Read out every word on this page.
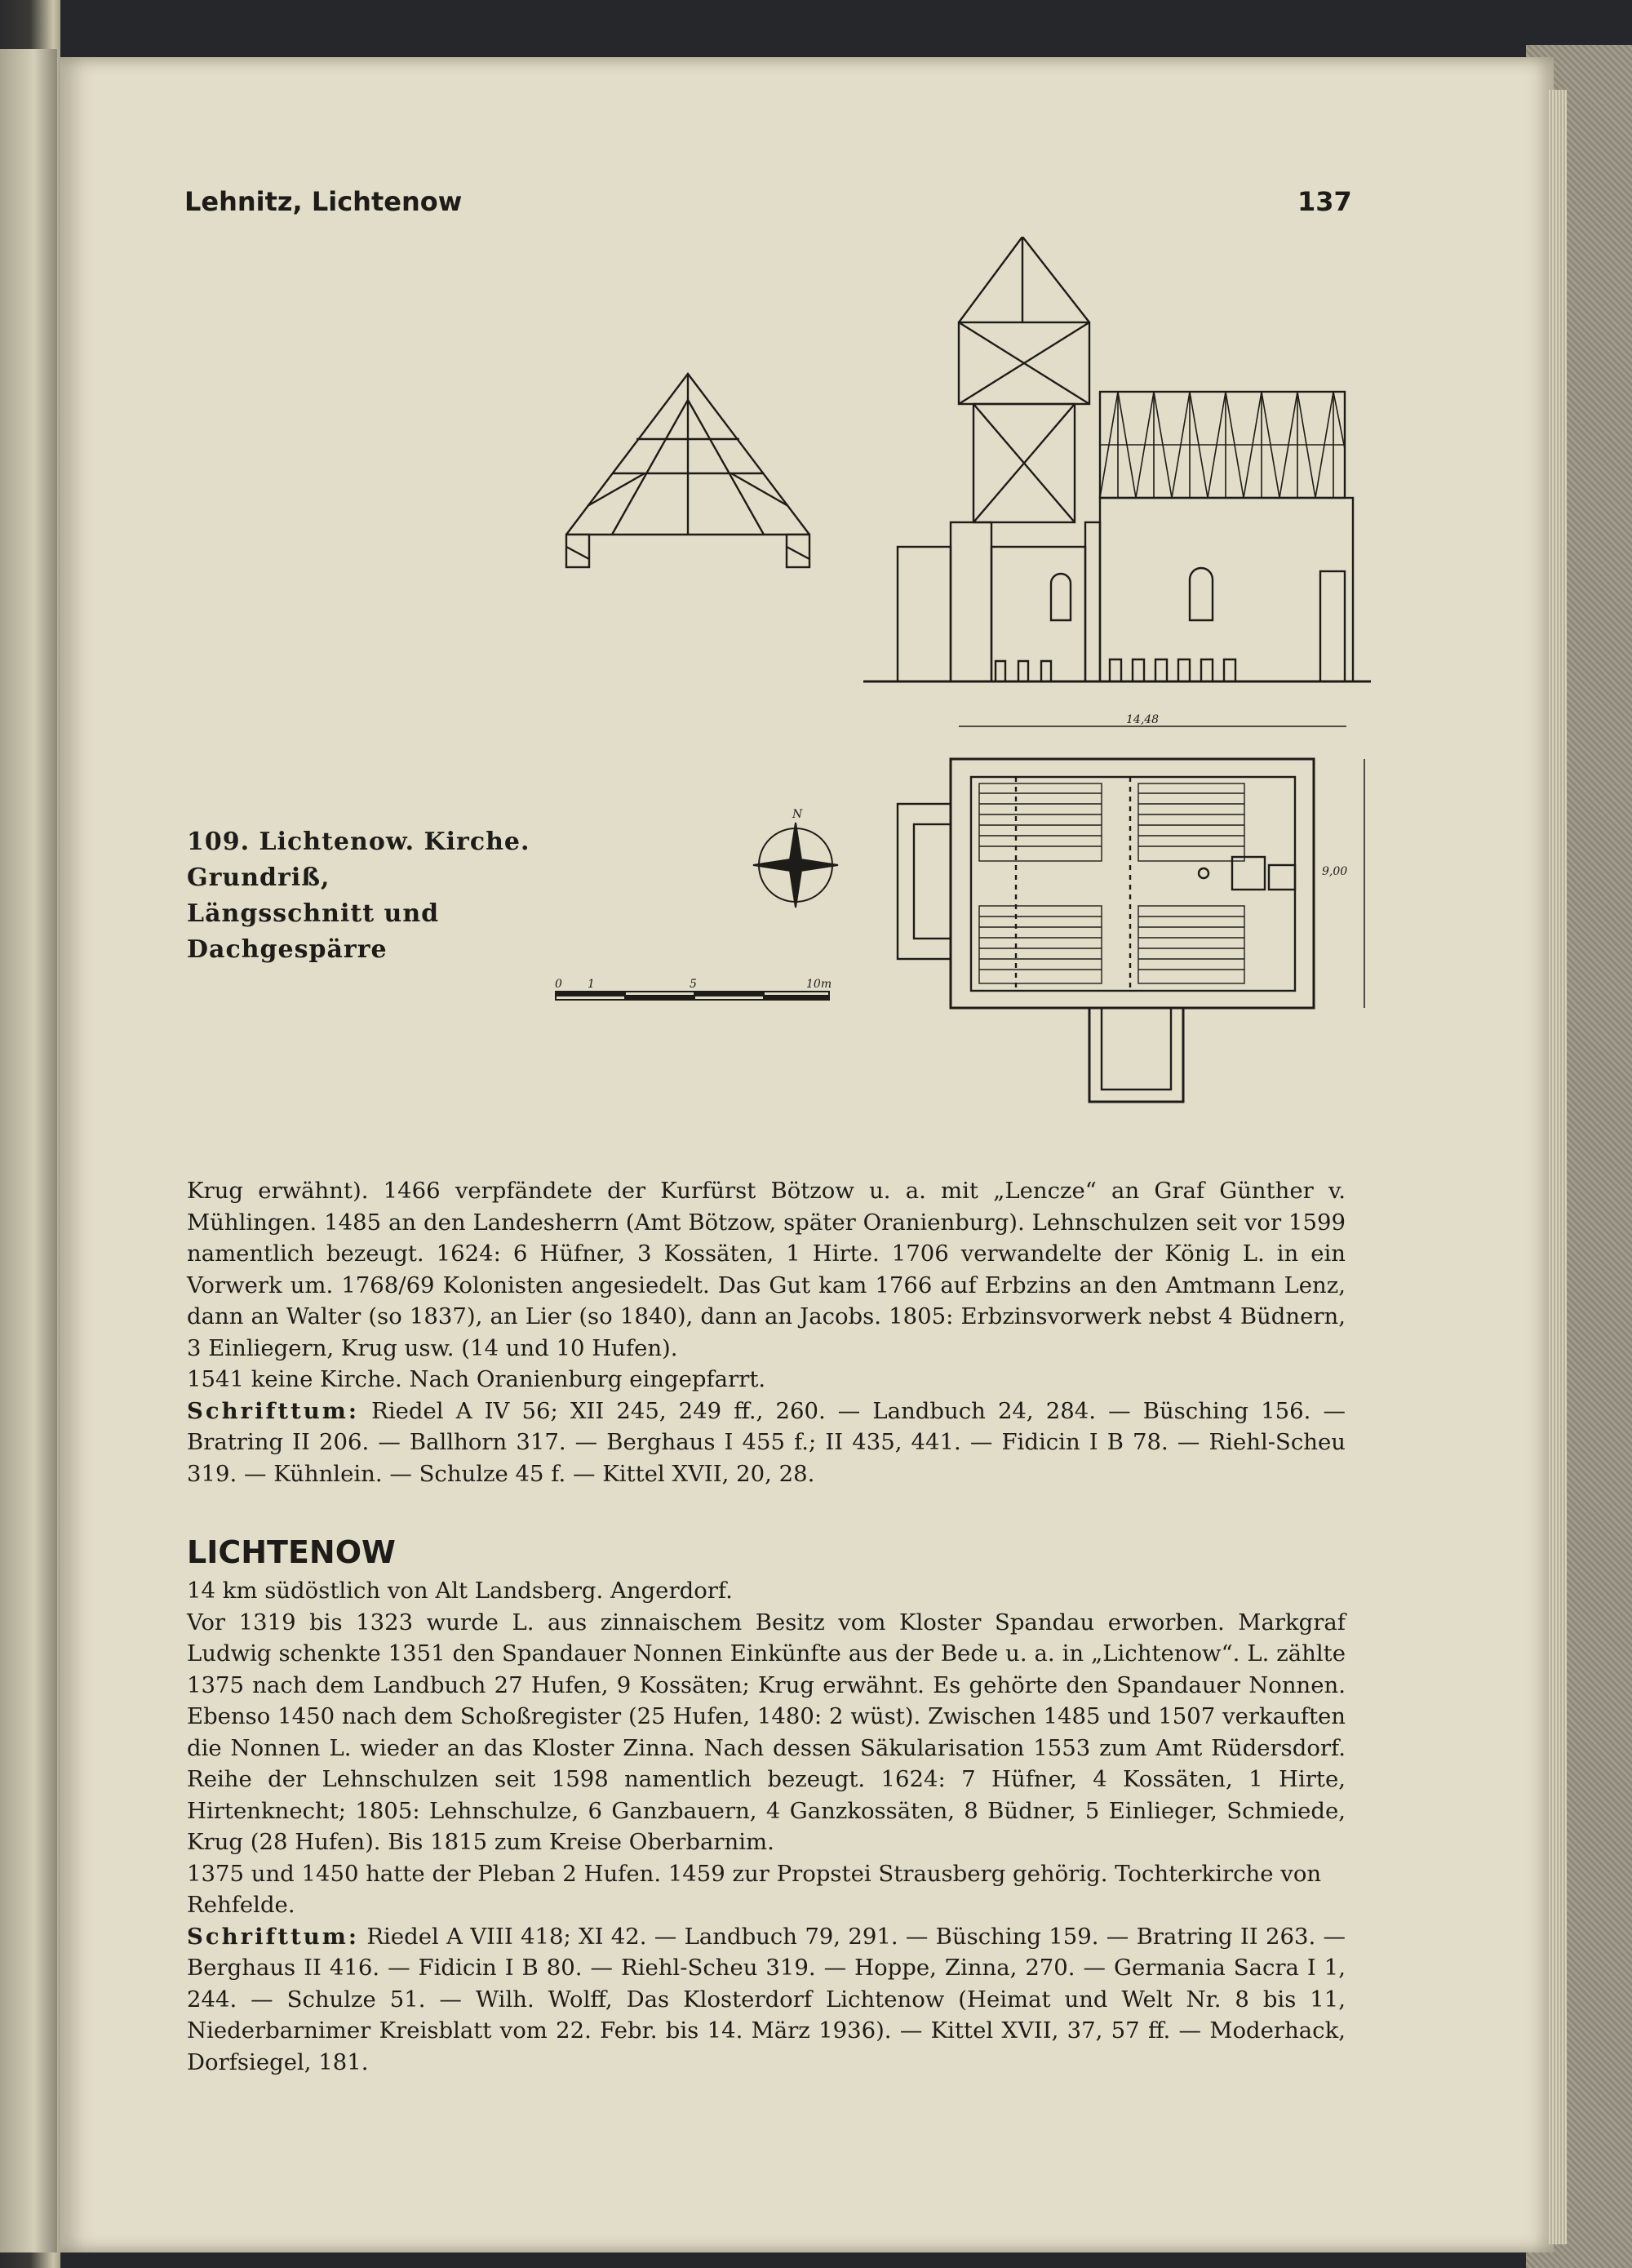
Lehnitz, Lichtenow	137
14,48
9,00
N
0 1	5	10m
109. Lichtenow. Kirche. Grundriß,
Längsschnitt und Dachgespärre

Krug erwähnt). 1466 verpfändete der Kurfürst Bötzow u. a. mit „Lencze“ an Graf Günther v. Mühlingen. 1485 an den Landesherrn (Amt Bötzow, später Oranienburg). Lehnschulzen seit vor 1599 namentlich bezeugt. 1624: 6 Hüfner, 3 Kossäten, 1 Hirte. 1706 verwandelte der König L. in ein Vorwerk um. 1768/69 Kolonisten angesiedelt. Das Gut kam 1766 auf Erbzins an den Amtmann Lenz, dann an Walter (so 1837), an Lier (so 1840), dann an Jacobs. 1805: Erbzinsvorwerk nebst 4 Büdnern, 3 Einliegern, Krug usw. (14 und 10 Hufen).

1541 keine Kirche. Nach Oranienburg eingepfarrt.

Schrifttum: Riedel A IV 56; XII 245, 249 ff., 260. — Landbuch 24, 284. — Büsching 156. — Bratring II 206. — Ballhorn 317. — Berghaus I 455 f.; II 435, 441. — Fidicin I B 78. — Riehl-Scheu 319. — Kühnlein. — Schulze 45 f. — Kittel XVII, 20, 28.

LICHTENOW

14 km südöstlich von Alt Landsberg. Angerdorf.

Vor 1319 bis 1323 wurde L. aus zinnaischem Besitz vom Kloster Spandau erworben. Markgraf Ludwig schenkte 1351 den Spandauer Nonnen Einkünfte aus der Bede u. a. in „Lichtenow“. L. zählte 1375 nach dem Landbuch 27 Hufen, 9 Kossäten; Krug erwähnt. Es gehörte den Spandauer Nonnen. Ebenso 1450 nach dem Schoßregister (25 Hufen, 1480: 2 wüst). Zwischen 1485 und 1507 verkauften die Nonnen L. wieder an das Kloster Zinna. Nach dessen Säkularisation 1553 zum Amt Rüdersdorf. Reihe der Lehnschulzen seit 1598 namentlich bezeugt. 1624: 7 Hüfner, 4 Kossäten, 1 Hirte, Hirtenknecht; 1805: Lehnschulze, 6 Ganzbauern, 4 Ganzkossäten, 8 Büdner, 5 Einlieger, Schmiede, Krug (28 Hufen). Bis 1815 zum Kreise Oberbarnim.

1375 und 1450 hatte der Pleban 2 Hufen. 1459 zur Propstei Strausberg gehörig. Tochterkirche von Rehfelde.

Schrifttum: Riedel A VIII 418; XI 42. — Landbuch 79, 291. — Büsching 159. — Bratring II 263. — Berghaus II 416. — Fidicin I B 80. — Riehl-Scheu 319. — Hoppe, Zinna, 270. — Germania Sacra I 1, 244. — Schulze 51. — Wilh. Wolff, Das Klosterdorf Lichtenow (Heimat und Welt Nr. 8 bis 11, Niederbarnimer Kreisblatt vom 22. Febr. bis 14. März 1936). — Kittel XVII, 37, 57 ff. — Moderhack, Dorfsiegel, 181.
